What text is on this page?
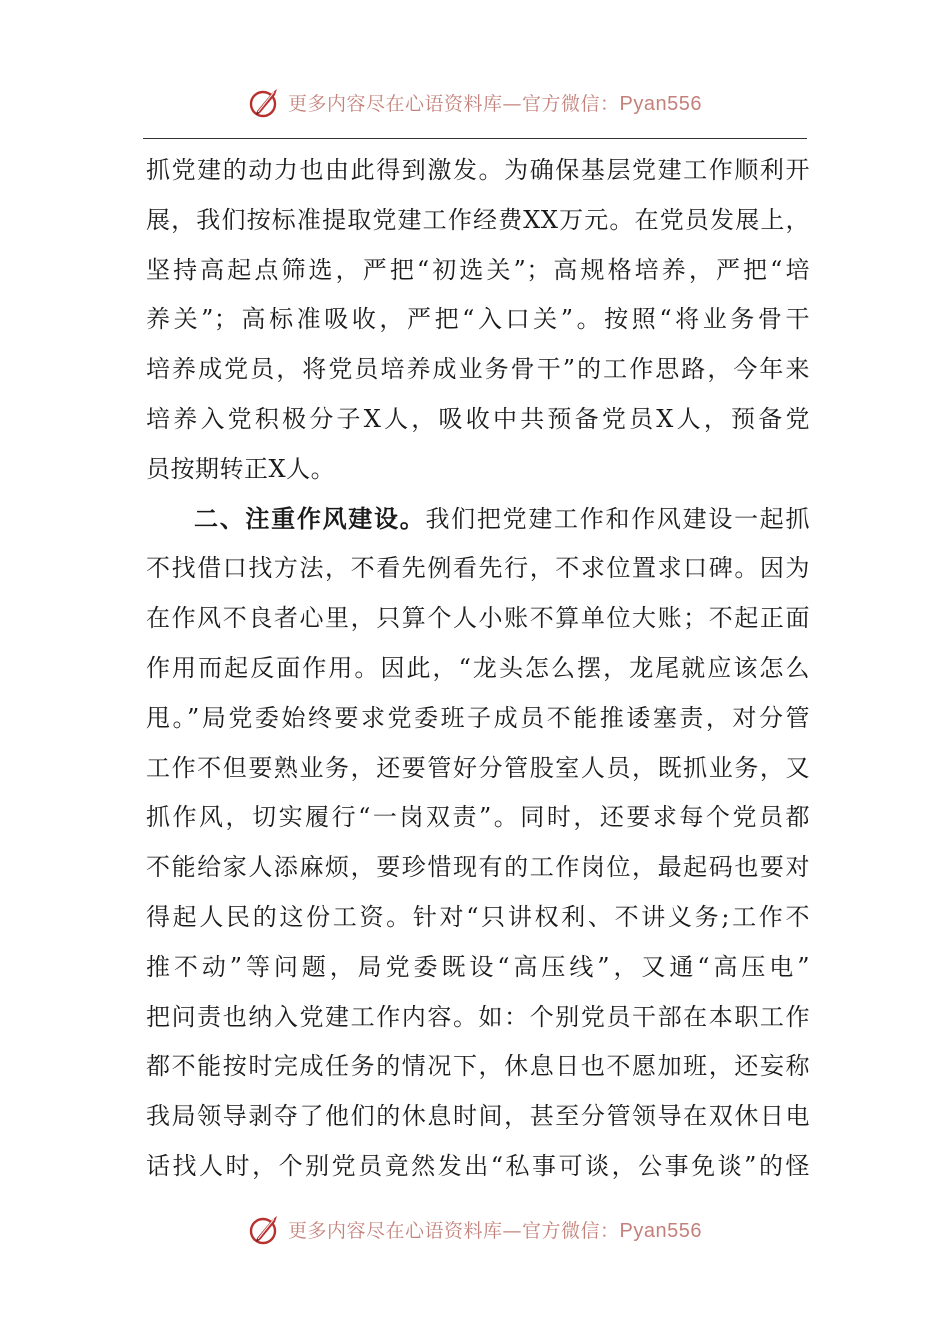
更多内容尽在心语资料库—官方微信：Pyan556
抓党建的动力也由此得到激发。为确保基层党建工作顺利开
展，我们按标准提取党建工作经费XX万元。在党员发展上，
坚持高起点筛选，严把“初选关”；高规格培养，严把“培
养关”；高标准吸收，严把“入口关”。按照“将业务骨干
培养成党员，将党员培养成业务骨干”的工作思路，今年来
培养入党积极分子X人，吸收中共预备党员X人，预备党
员按期转正X人。
二、注重作风建设。我们把党建工作和作风建设一起抓
不找借口找方法，不看先例看先行，不求位置求口碑。因为
在作风不良者心里，只算个人小账不算单位大账；不起正面
作用而起反面作用。因此，“龙头怎么摆，龙尾就应该怎么
甩。”局党委始终要求党委班子成员不能推诿塞责，对分管
工作不但要熟业务，还要管好分管股室人员，既抓业务，又
抓作风，切实履行“一岗双责”。同时，还要求每个党员都
不能给家人添麻烦，要珍惜现有的工作岗位，最起码也要对
得起人民的这份工资。针对“只讲权利、不讲义务;工作不
推不动”等问题，局党委既设“高压线”，又通“高压电”
把问责也纳入党建工作内容。如：个别党员干部在本职工作
都不能按时完成任务的情况下，休息日也不愿加班，还妄称
我局领导剥夺了他们的休息时间，甚至分管领导在双休日电
话找人时，个别党员竟然发出“私事可谈，公事免谈”的怪
更多内容尽在心语资料库—官方微信：Pyan556
